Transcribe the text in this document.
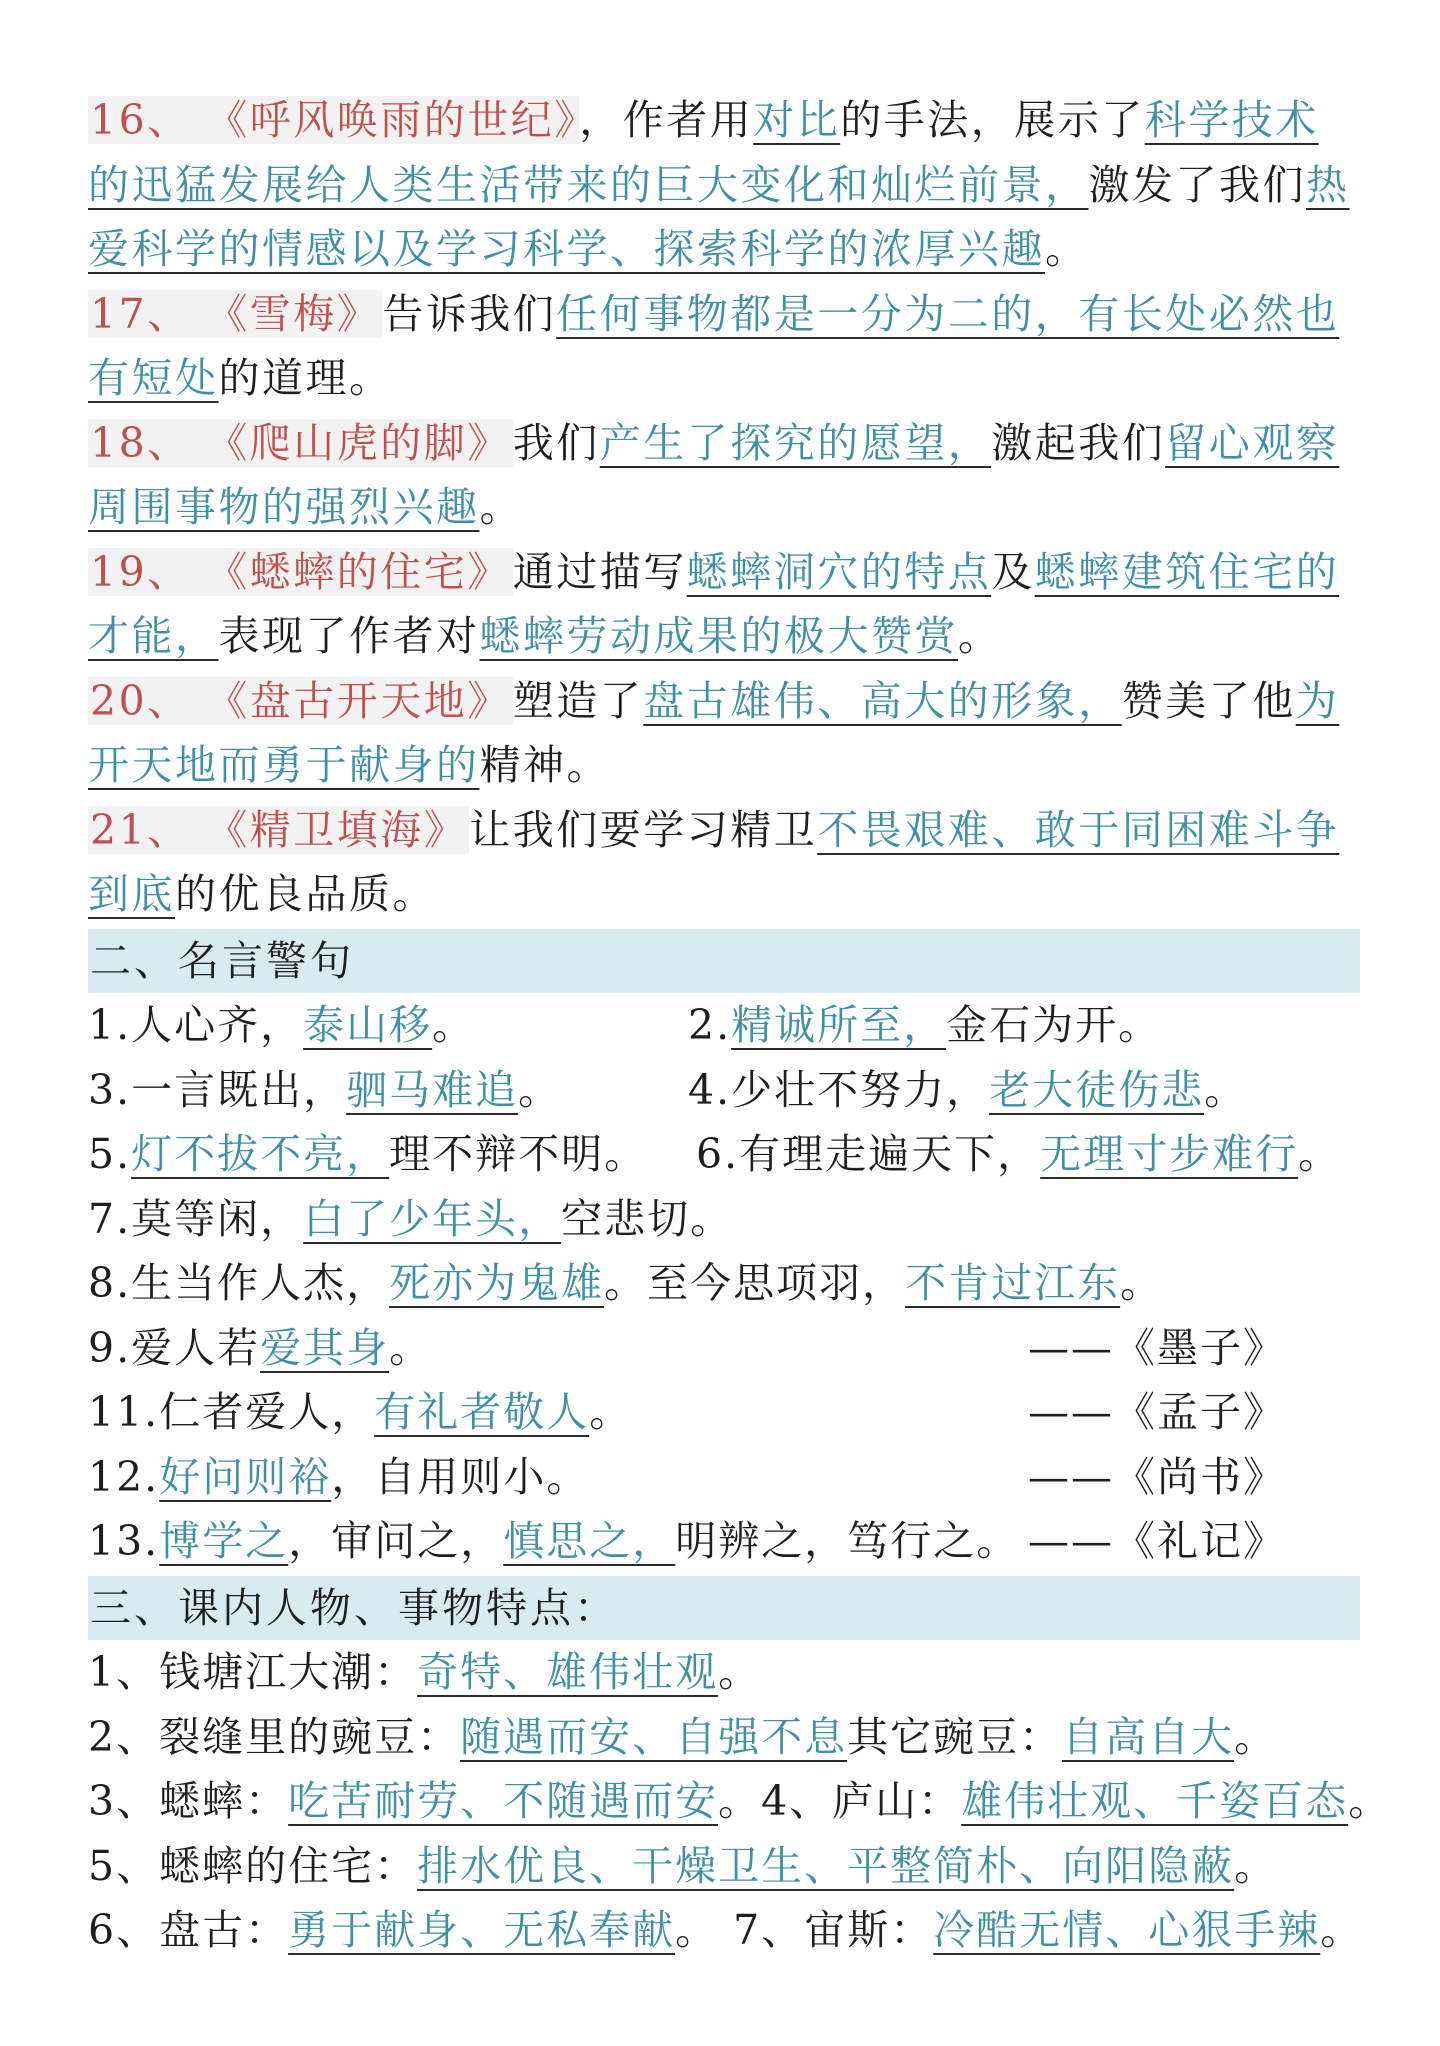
16、 《呼风唤雨的世纪》，作者用对比的手法，展示了科学技术的迅猛发展给人类生活带来的巨大变化和灿烂前景，激发了我们热爱科学的情感以及学习科学、探索科学的浓厚兴趣。

17、 《雪梅》告诉我们任何事物都是一分为二的，有长处必然也有短处的道理。

18、 《爬山虎的脚》我们产生了探究的愿望，激起我们留心观察周围事物的强烈兴趣。

19、 《蟋蟀的住宅》通过描写蟋蟀洞穴的特点及蟋蟀建筑住宅的才能，表现了作者对蟋蟀劳动成果的极大赞赏。

20、 《盘古开天地》塑造了盘古雄伟、高大的形象，赞美了他为开天地而勇于献身的精神。

21、 《精卫填海》让我们要学习精卫不畏艰难、敢于同困难斗争到底的优良品质。

二、名言警句
1.人心齐，泰山移。	2.精诚所至，金石为开。
3.一言既出，驷马难追。	4.少壮不努力，老大徒伤悲。
5.灯不拔不亮，理不辩不明。 6.有理走遍天下，无理寸步难行。
7.莫等闲，白了少年头，空悲切。
8.生当作人杰，死亦为鬼雄。至今思项羽，不肯过江东。
9.爱人若爱其身。	——《墨子》
11.仁者爱人，有礼者敬人。	——《孟子》
12.好问则裕，自用则小。	——《尚书》
13.博学之，审问之，慎思之，明辨之，笃行之。 ——《礼记》
三、课内人物、事物特点：
1、钱塘江大潮：奇特、雄伟壮观。
2、裂缝里的豌豆：随遇而安、自强不息其它豌豆：自高自大。
3、蟋蟀：吃苦耐劳、不随遇而安。4、庐山：雄伟壮观、千姿百态。
5、蟋蟀的住宅：排水优良、干燥卫生、平整简朴、向阳隐蔽。
6、盘古：勇于献身、无私奉献。 7、宙斯：冷酷无情、心狠手辣。
